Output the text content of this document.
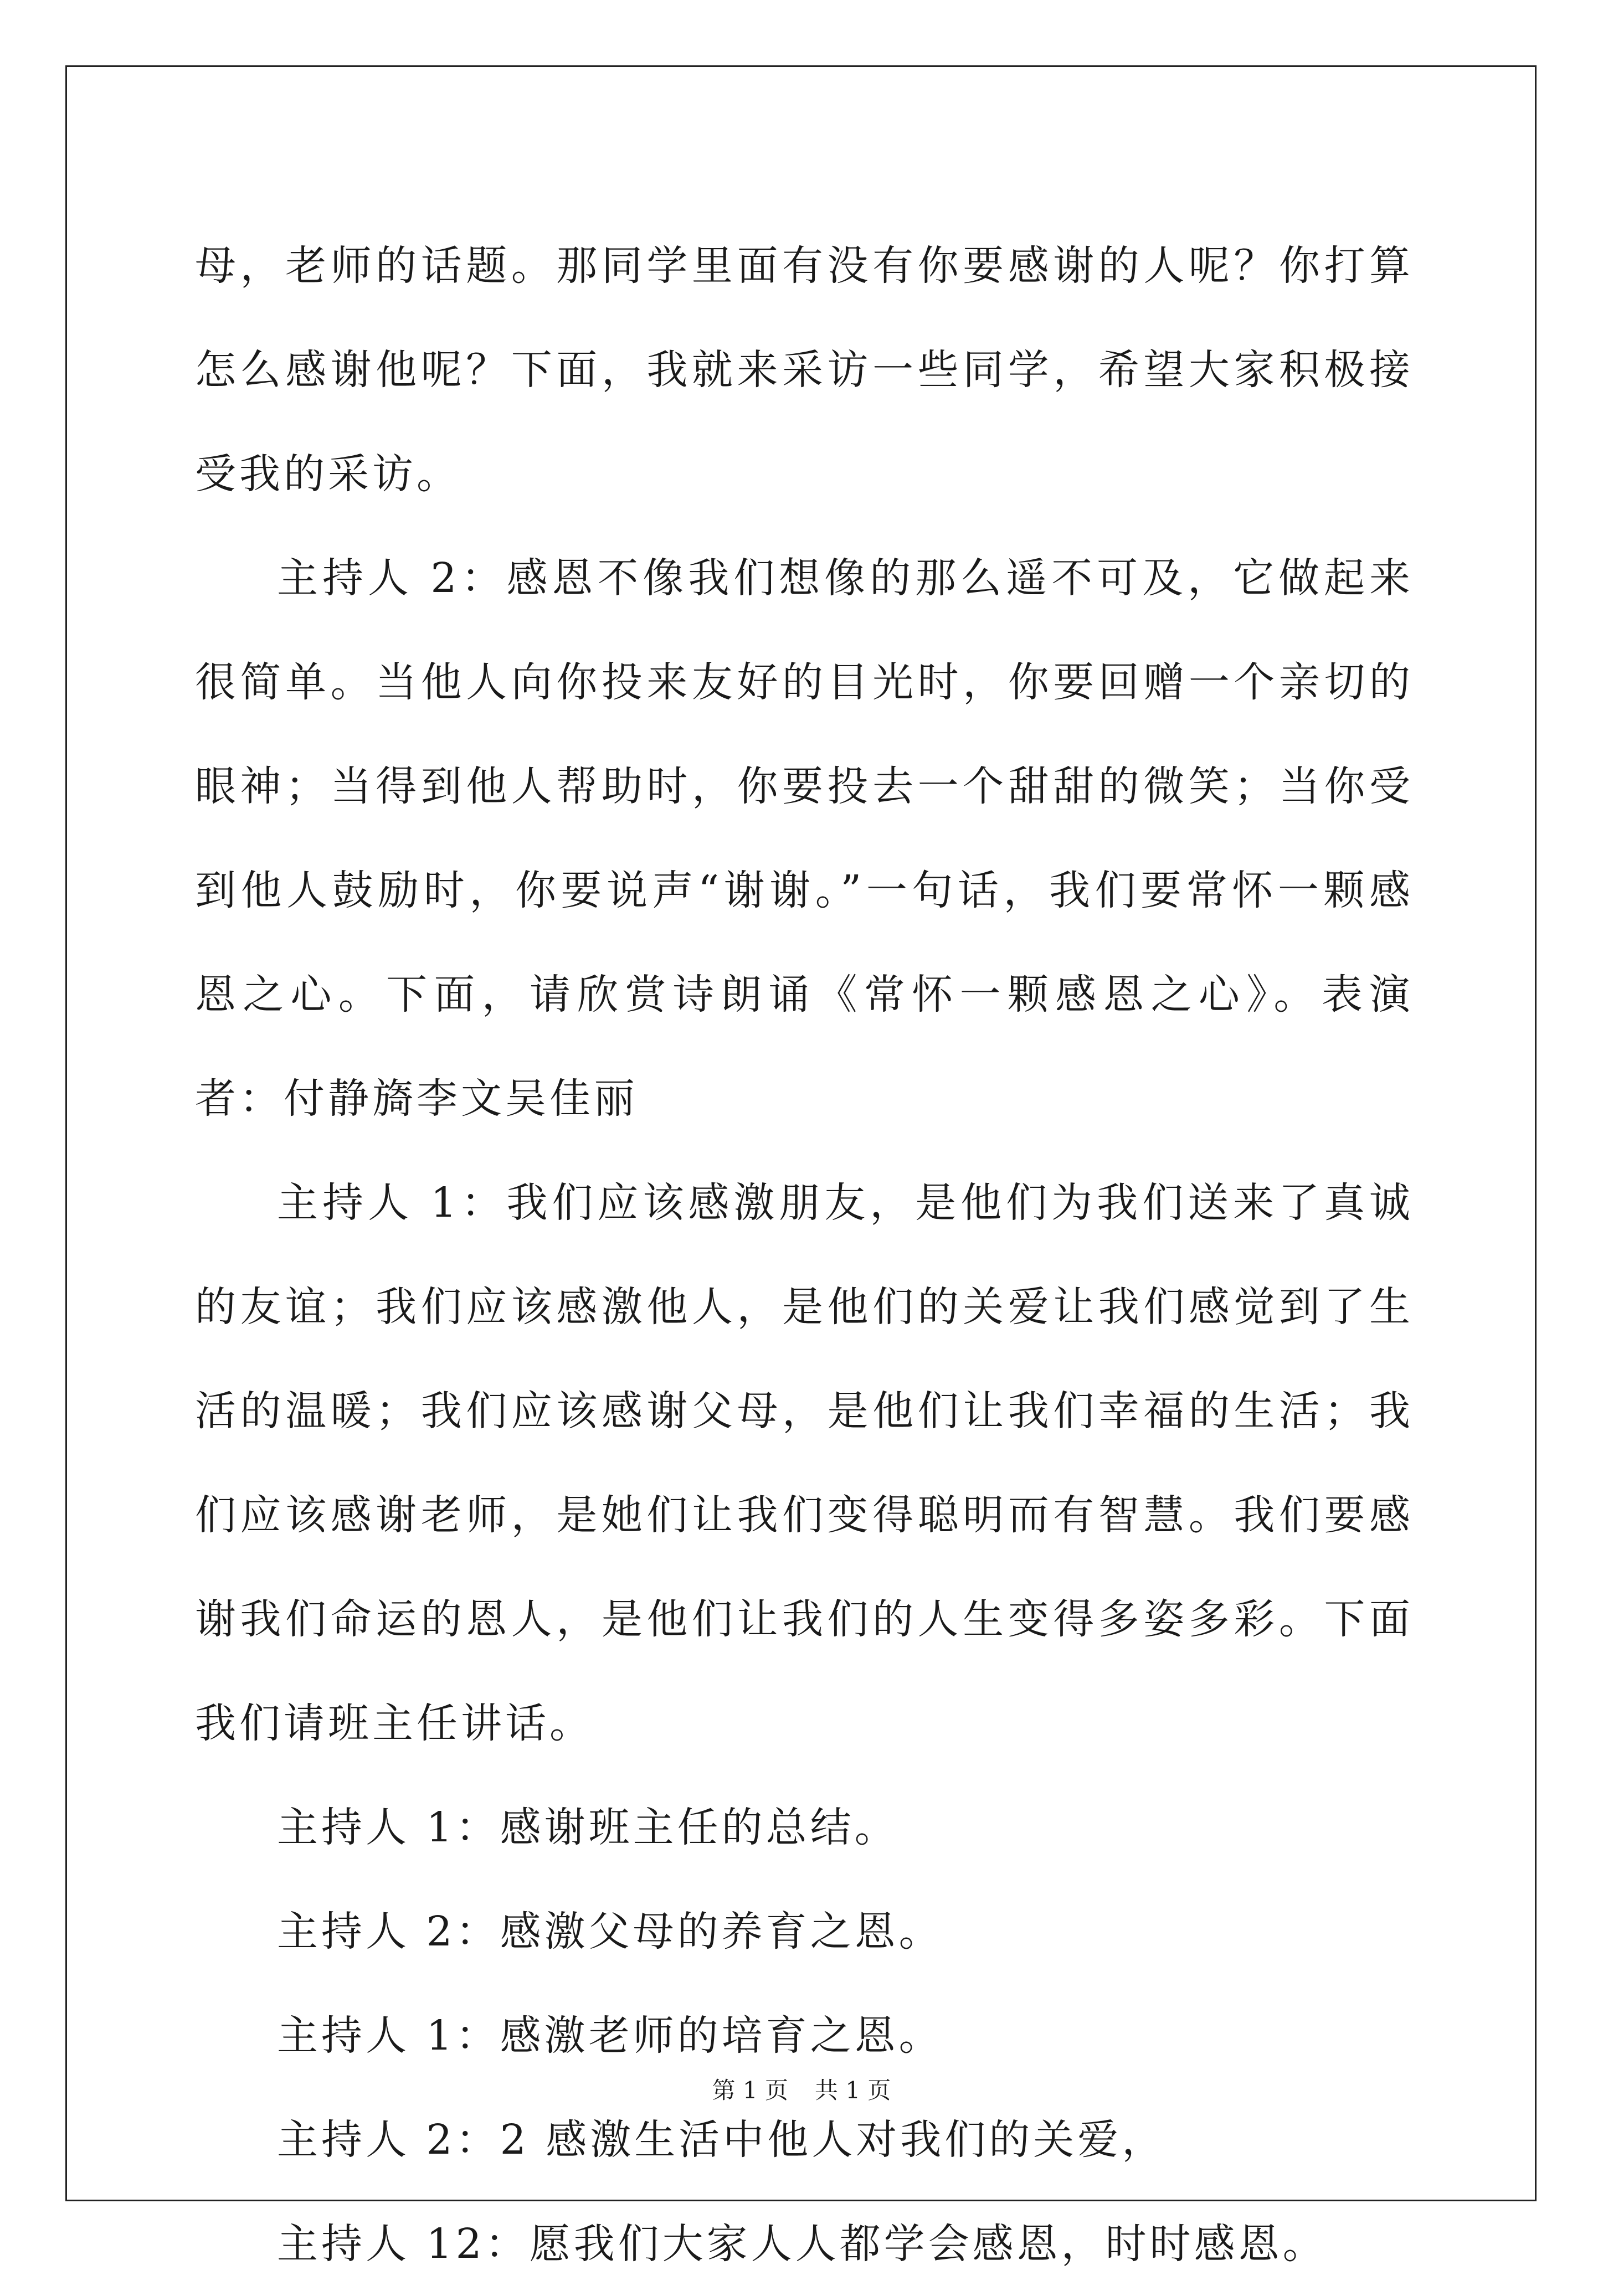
母，老师的话题。那同学里面有没有你要感谢的人呢？你打算怎么感谢他呢？下面，我就来采访一些同学，希望大家积极接受我的采访。

主持人 2：感恩不像我们想像的那么遥不可及，它做起来很简单。当他人向你投来友好的目光时，你要回赠一个亲切的眼神；当得到他人帮助时，你要投去一个甜甜的微笑；当你受到他人鼓励时，你要说声“谢谢。”一句话，我们要常怀一颗感恩之心。下面，请欣赏诗朗诵《常怀一颗感恩之心》。表演者：付静旖李文吴佳丽

主持人 1：我们应该感激朋友，是他们为我们送来了真诚的友谊；我们应该感激他人，是他们的关爱让我们感觉到了生活的温暖；我们应该感谢父母，是他们让我们幸福的生活；我们应该感谢老师，是她们让我们变得聪明而有智慧。我们要感谢我们命运的恩人，是他们让我们的人生变得多姿多彩。下面我们请班主任讲话。

主持人 1：感谢班主任的总结。

主持人 2：感激父母的养育之恩。

主持人 1：感激老师的培育之恩。

主持人 2：2 感激生活中他人对我们的关爱，

主持人 12：愿我们大家人人都学会感恩，时时感恩。

第 1 页 共 1 页
